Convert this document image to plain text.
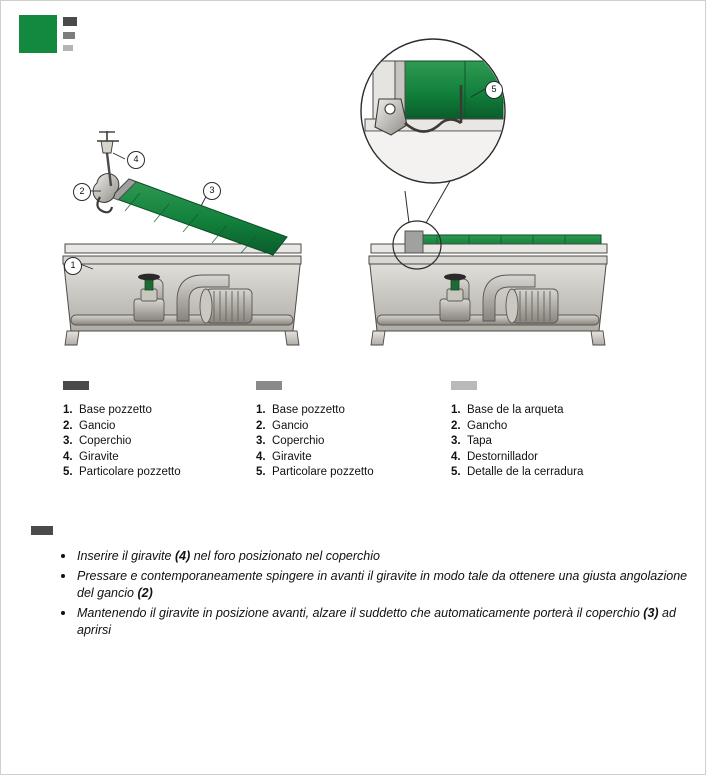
1
2	3
4
5
1. Base pozzetto
2. Gancio
3. Coperchio
4. Giravite
5. Particolare pozzetto
1. Base pozzetto
2. Gancio
3. Coperchio
4. Giravite
5. Particolare pozzetto
1. Base de la arqueta
2. Gancho
3. Tapa
4. Destornillador
5. Detalle de la cerradura
Inserire il giravite (4) nel foro posizionato nel coperchio
Pressare e contemporaneamente spingere in avanti il giravite in modo tale da ottenere una giusta angolazione del gancio (2)
Mantenendo il giravite in posizione avanti, alzare il suddetto che automaticamente porterà il coperchio (3) ad aprirsi
